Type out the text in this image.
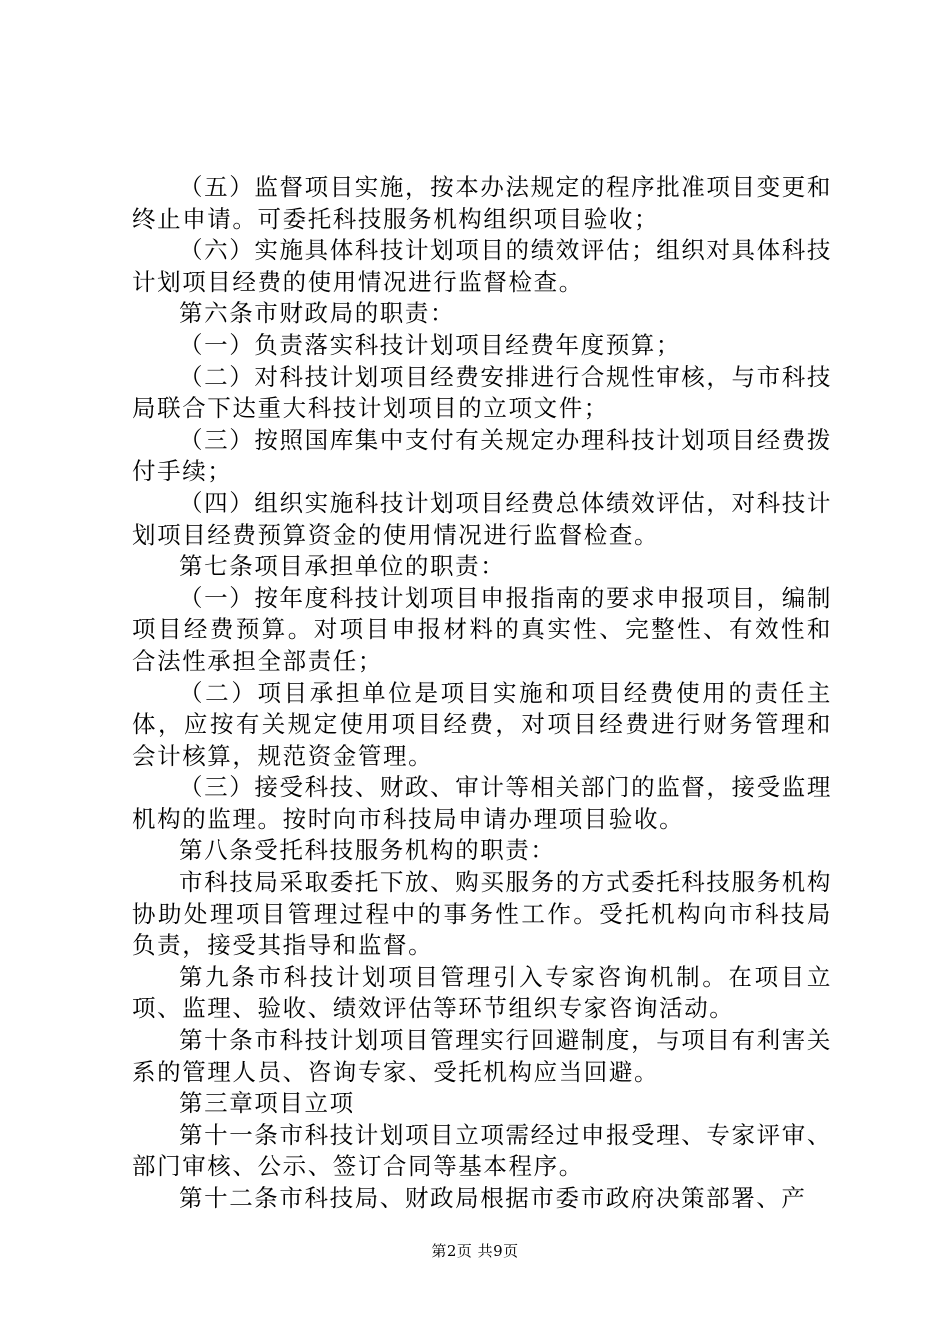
（五）监督项目实施，按本办法规定的程序批准项目变更和终止申请。可委托科技服务机构组织项目验收；

（六）实施具体科技计划项目的绩效评估；组织对具体科技计划项目经费的使用情况进行监督检查。

第六条市财政局的职责：

（一）负责落实科技计划项目经费年度预算；

（二）对科技计划项目经费安排进行合规性审核，与市科技局联合下达重大科技计划项目的立项文件；

（三）按照国库集中支付有关规定办理科技计划项目经费拨付手续；

（四）组织实施科技计划项目经费总体绩效评估，对科技计划项目经费预算资金的使用情况进行监督检查。

第七条项目承担单位的职责：

（一）按年度科技计划项目申报指南的要求申报项目，编制项目经费预算。对项目申报材料的真实性、完整性、有效性和合法性承担全部责任；

（二）项目承担单位是项目实施和项目经费使用的责任主体，应按有关规定使用项目经费，对项目经费进行财务管理和会计核算，规范资金管理。

（三）接受科技、财政、审计等相关部门的监督，接受监理机构的监理。按时向市科技局申请办理项目验收。

第八条受托科技服务机构的职责：

市科技局采取委托下放、购买服务的方式委托科技服务机构协助处理项目管理过程中的事务性工作。受托机构向市科技局负责，接受其指导和监督。

第九条市科技计划项目管理引入专家咨询机制。在项目立项、监理、验收、绩效评估等环节组织专家咨询活动。

第十条市科技计划项目管理实行回避制度，与项目有利害关系的管理人员、咨询专家、受托机构应当回避。

第三章项目立项

第十一条市科技计划项目立项需经过申报受理、专家评审、部门审核、公示、签订合同等基本程序。

第十二条市科技局、财政局根据市委市政府决策部署、产

第2页 共9页
